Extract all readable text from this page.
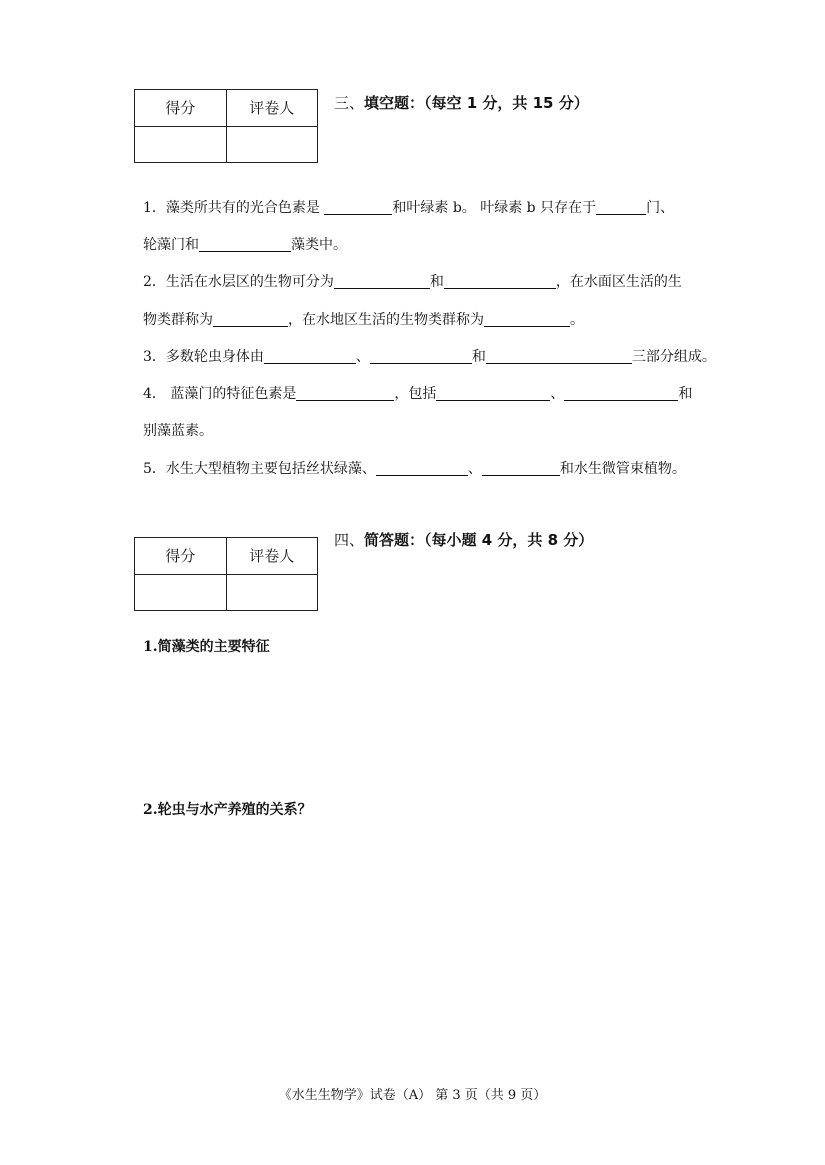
得分	评卷人
		三、填空题：（每空 1 分，共 15 分）
1．藻类所共有的光合色素是	和叶绿素 b。 叶绿素 b 只存在于	门、
轮藻门和	藻类中。
2．生活在水层区的生物可分为	和	，在水面区生活的生
物类群称为	，在水地区生活的生物类群称为	。
3．多数轮虫身体由	、	和	三部分组成。
4． 蓝藻门的特征色素是	，包括	、	和
别藻蓝素。
5．水生大型植物主要包括丝状绿藻、	、	和水生微管束植物。
得分	评卷人

四、简答题：（每小题 4 分，共 8 分）
1.简藻类的主要特征
2.轮虫与水产养殖的关系？
《水生生物学》试卷（A） 第 3 页（共 9 页）
